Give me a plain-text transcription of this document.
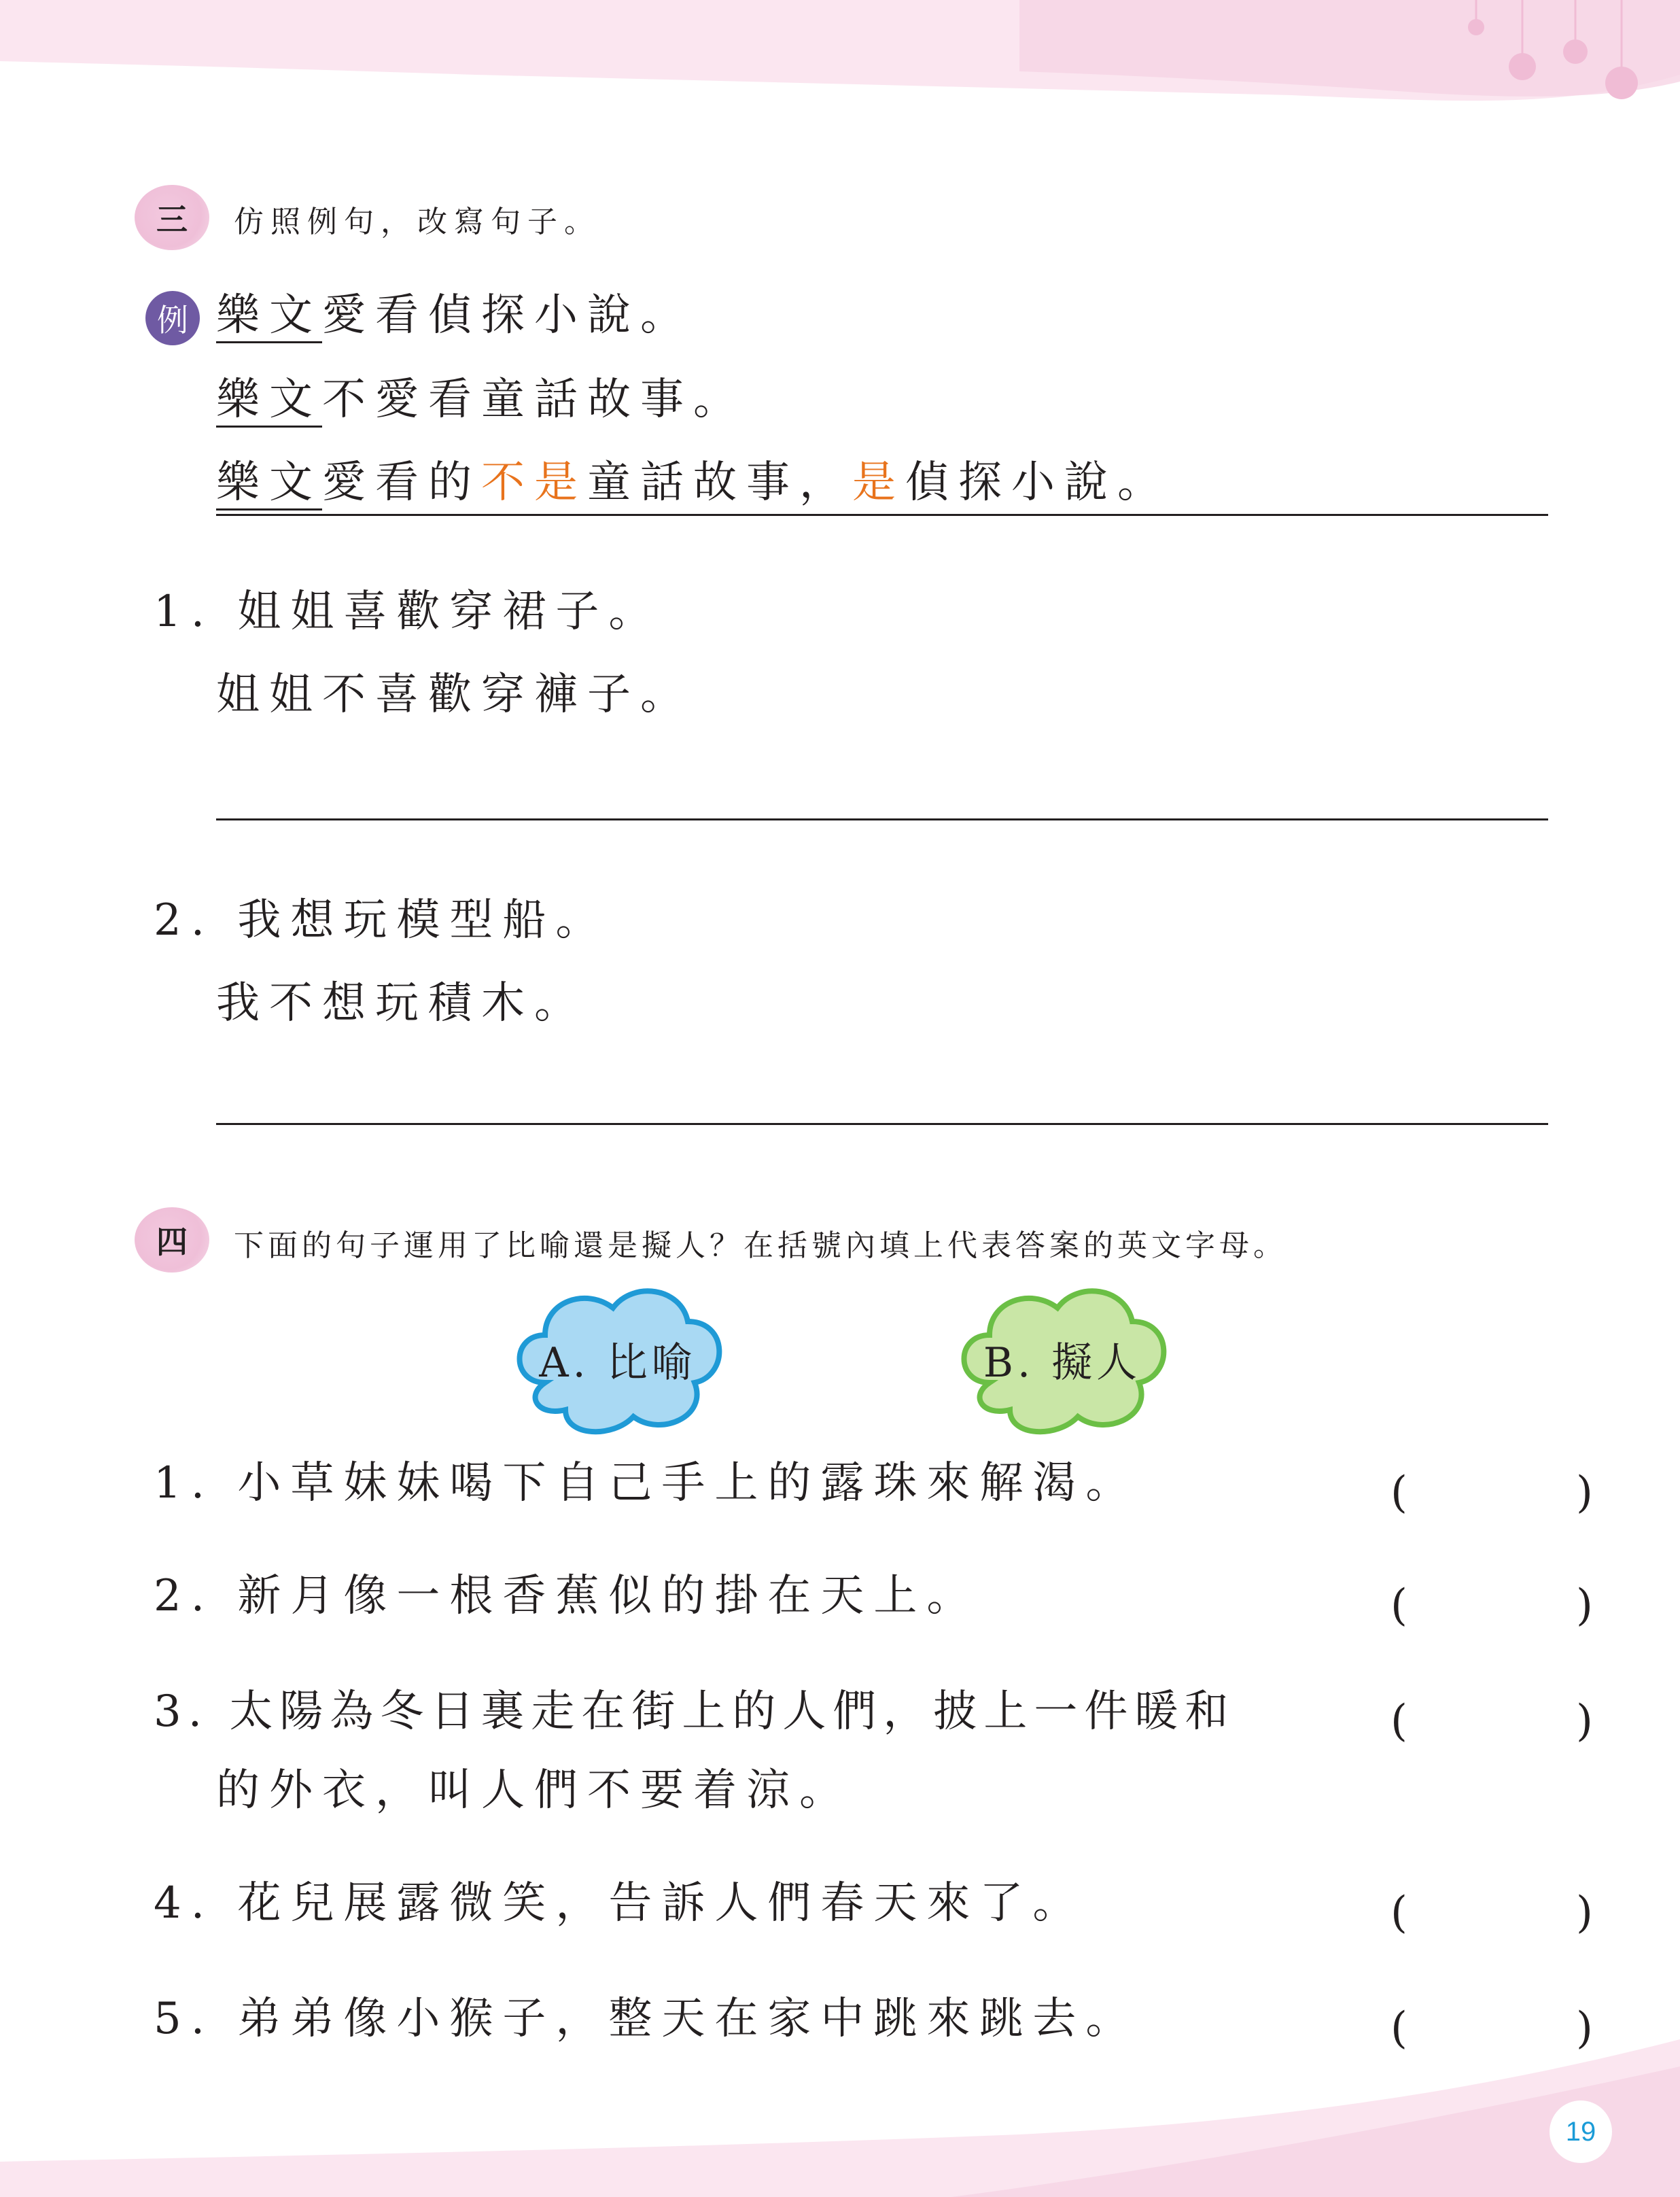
三	仿照例句，改寫句子。
例 樂文愛看偵探小說。
樂文不愛看童話故事。
樂文愛看的不是童話故事，是偵探小說。
1. 姐姐喜歡穿裙子。
姐姐不喜歡穿褲子。
2. 我想玩模型船。
我不想玩積木。
四	下面的句子運用了比喻還是擬人？在括號內填上代表答案的英文字母。
A. 比喻	B. 擬人
1. 小草妹妹喝下自己手上的露珠來解渴。	(　　)
2. 新月像一根香蕉似的掛在天上。	(　　)
3. 太陽為冬日裏走在街上的人們，披上一件暖和
的外衣，叫人們不要着涼。
(　　)
4. 花兒展露微笑，告訴人們春天來了。	(　　)
5. 弟弟像小猴子，整天在家中跳來跳去。	(　　)
19
